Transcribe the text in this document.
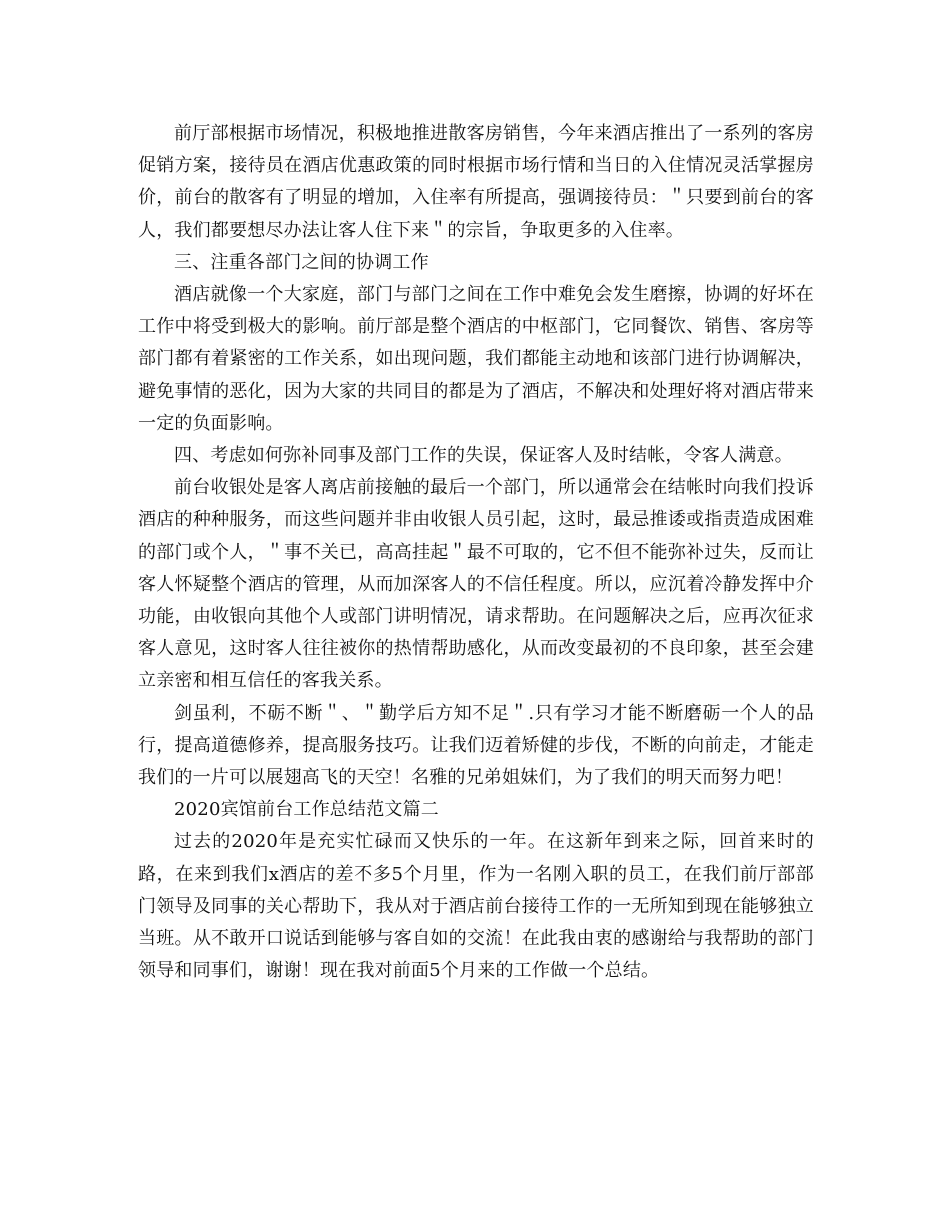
前厅部根据市场情况，积极地推进散客房销售，今年来酒店推出了一系列的客房促销方案，接待员在酒店优惠政策的同时根据市场行情和当日的入住情况灵活掌握房价，前台的散客有了明显的增加，入住率有所提高，强调接待员：＂只要到前台的客人，我们都要想尽办法让客人住下来＂的宗旨，争取更多的入住率。

三、注重各部门之间的协调工作

酒店就像一个大家庭，部门与部门之间在工作中难免会发生磨擦，协调的好坏在工作中将受到极大的影响。前厅部是整个酒店的中枢部门，它同餐饮、销售、客房等部门都有着紧密的工作关系，如出现问题，我们都能主动地和该部门进行协调解决，避免事情的恶化，因为大家的共同目的都是为了酒店，不解决和处理好将对酒店带来一定的负面影响。

四、考虑如何弥补同事及部门工作的失误，保证客人及时结帐，令客人满意。

前台收银处是客人离店前接触的最后一个部门，所以通常会在结帐时向我们投诉酒店的种种服务，而这些问题并非由收银人员引起，这时，最忌推诿或指责造成困难的部门或个人，＂事不关已，高高挂起＂最不可取的，它不但不能弥补过失，反而让客人怀疑整个酒店的管理，从而加深客人的不信任程度。所以，应沉着冷静发挥中介功能，由收银向其他个人或部门讲明情况，请求帮助。在问题解决之后，应再次征求客人意见，这时客人往往被你的热情帮助感化，从而改变最初的不良印象，甚至会建立亲密和相互信任的客我关系。

剑虽利，不砺不断＂、＂勤学后方知不足＂.只有学习才能不断磨砺一个人的品行，提高道德修养，提高服务技巧。让我们迈着矫健的步伐，不断的向前走，才能走我们的一片可以展翅高飞的天空！名雅的兄弟姐妹们，为了我们的明天而努力吧！

2020宾馆前台工作总结范文篇二

过去的2020年是充实忙碌而又快乐的一年。在这新年到来之际，回首来时的路，在来到我们x酒店的差不多5个月里，作为一名刚入职的员工，在我们前厅部部门领导及同事的关心帮助下，我从对于酒店前台接待工作的一无所知到现在能够独立当班。从不敢开口说话到能够与客自如的交流！在此我由衷的感谢给与我帮助的部门领导和同事们，谢谢！现在我对前面5个月来的工作做一个总结。
